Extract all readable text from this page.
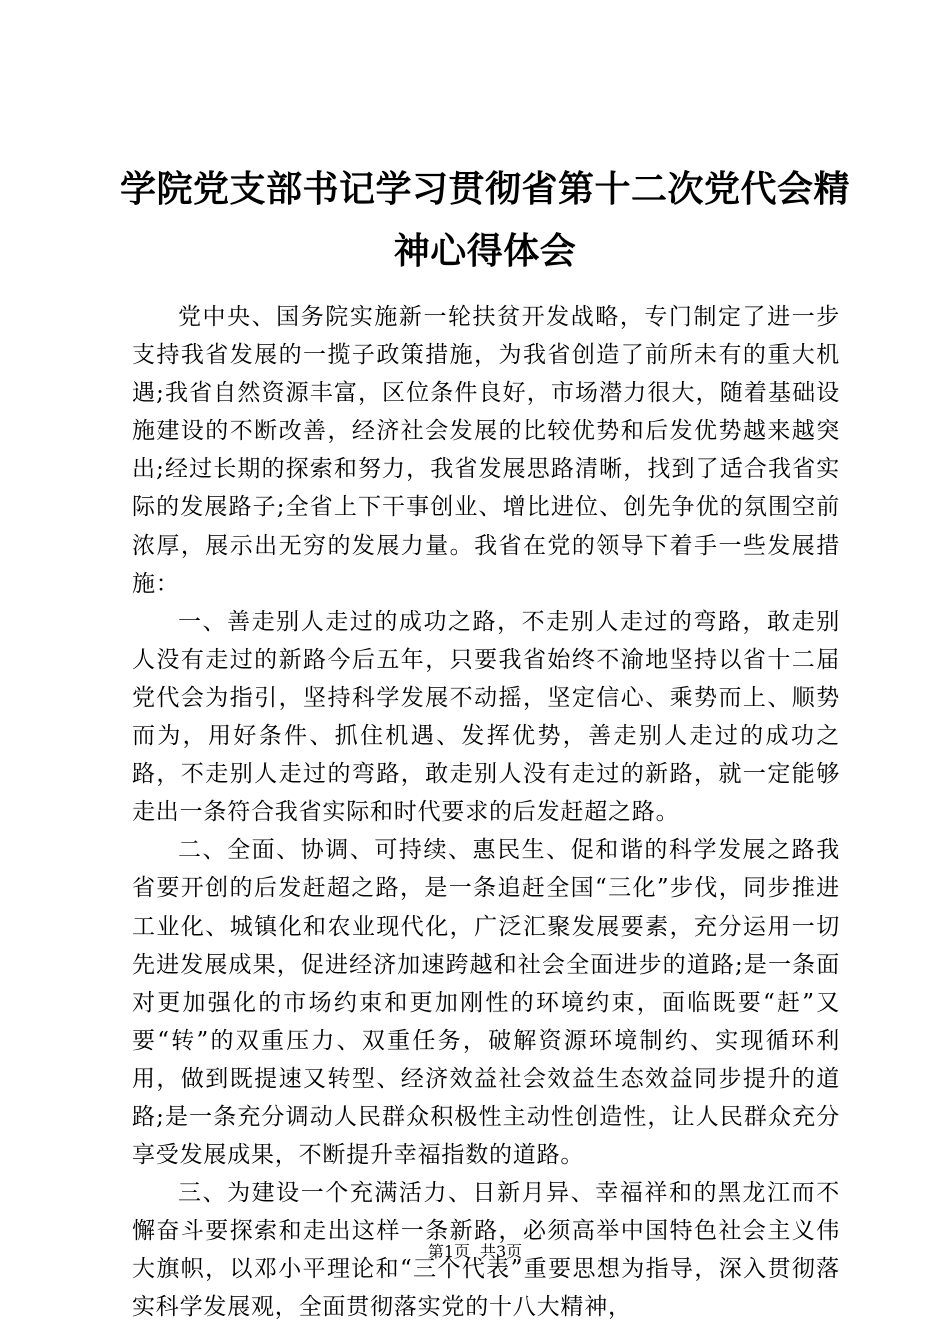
学院党支部书记学习贯彻省第十二次党代会精神心得体会

党中央、国务院实施新一轮扶贫开发战略，专门制定了进一步支持我省发展的一揽子政策措施，为我省创造了前所未有的重大机遇;我省自然资源丰富，区位条件良好，市场潜力很大，随着基础设施建设的不断改善，经济社会发展的比较优势和后发优势越来越突出;经过长期的探索和努力，我省发展思路清晰，找到了适合我省实际的发展路子;全省上下干事创业、增比进位、创先争优的氛围空前浓厚，展示出无穷的发展力量。我省在党的领导下着手一些发展措施：

一、善走别人走过的成功之路，不走别人走过的弯路，敢走别人没有走过的新路今后五年，只要我省始终不渝地坚持以省十二届党代会为指引，坚持科学发展不动摇，坚定信心、乘势而上、顺势而为，用好条件、抓住机遇、发挥优势，善走别人走过的成功之路，不走别人走过的弯路，敢走别人没有走过的新路，就一定能够走出一条符合我省实际和时代要求的后发赶超之路。

二、全面、协调、可持续、惠民生、促和谐的科学发展之路我省要开创的后发赶超之路，是一条追赶全国“三化”步伐，同步推进工业化、城镇化和农业现代化，广泛汇聚发展要素，充分运用一切先进发展成果，促进经济加速跨越和社会全面进步的道路;是一条面对更加强化的市场约束和更加刚性的环境约束，面临既要“赶”又要“转”的双重压力、双重任务，破解资源环境制约、实现循环利用，做到既提速又转型、经济效益社会效益生态效益同步提升的道路;是一条充分调动人民群众积极性主动性创造性，让人民群众充分享受发展成果，不断提升幸福指数的道路。

三、为建设一个充满活力、日新月异、幸福祥和的黑龙江而不懈奋斗要探索和走出这样一条新路，必须高举中国特色社会主义伟大旗帜，以邓小平理论和“三个代表”重要思想为指导，深入贯彻落实科学发展观，全面贯彻落实党的十八大精神，

第1页 共3页
